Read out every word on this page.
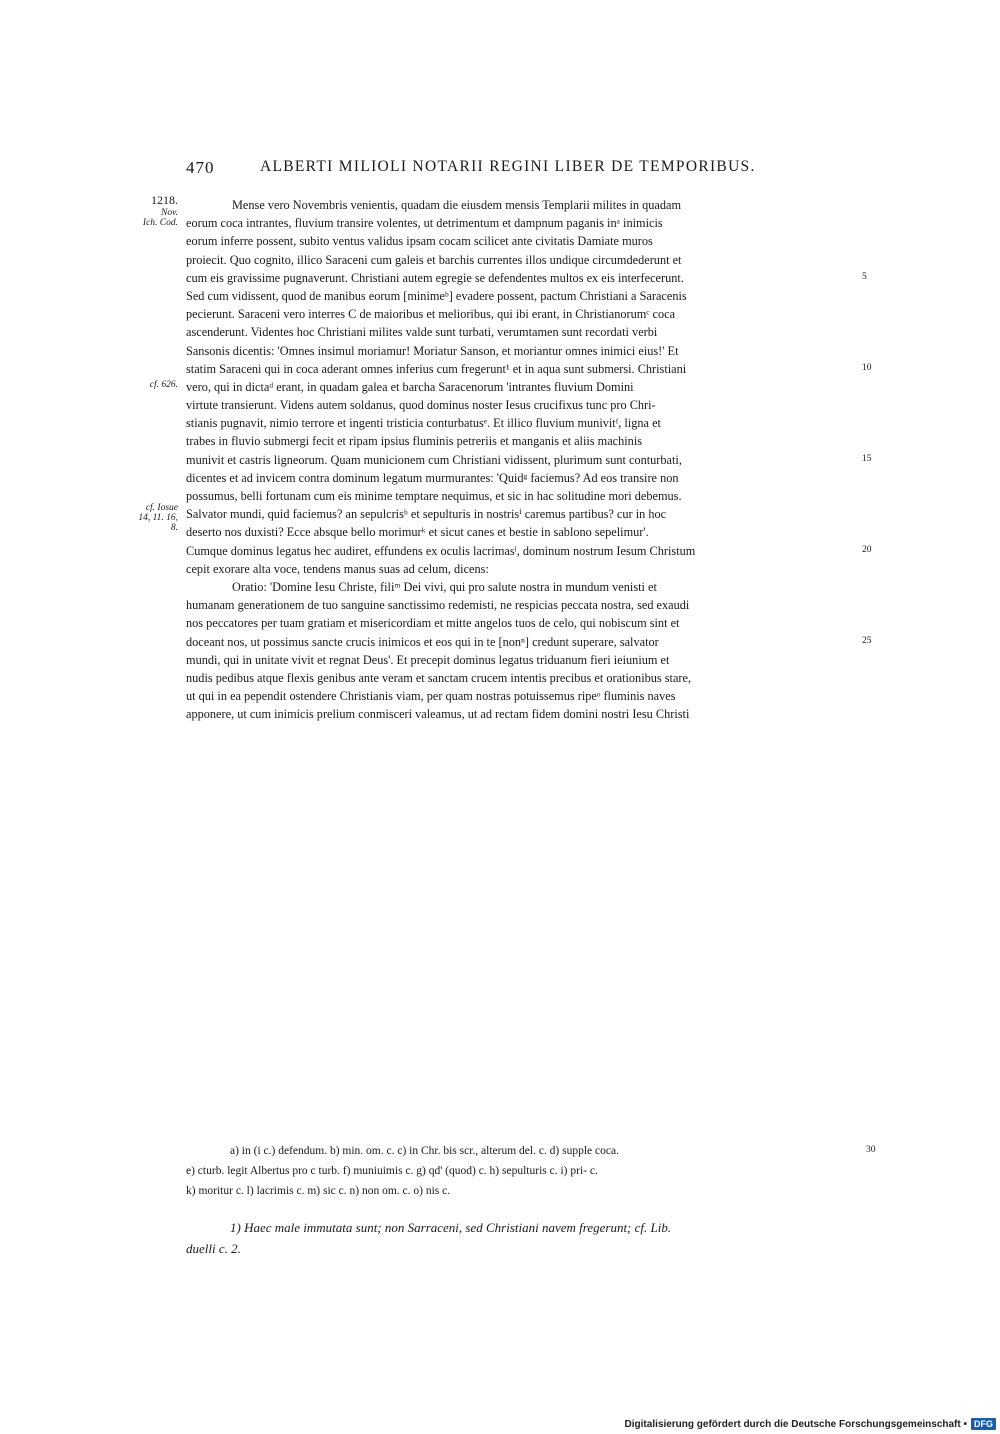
470	ALBERTI MILIOLI NOTARII REGINI LIBER DE TEMPORIBUS.
1218.
Nov.
Ich. Cod.
cf. 626.
cf. Iosue
14, 11. 16, 8.
5
10
15
20
25
Mense vero Novembris venientis, quadam die eiusdem mensis Templarii milites in quadam
eorum coca intrantes, fluvium transire volentes, ut detrimentum et dampnum paganis inᵃ inimicis
eorum inferre possent, subito ventus validus ipsam cocam scilicet ante civitatis Damiate muros
proiecit. Quo cognito, illico Saraceni cum galeis et barchis currentes illos undique circumdederunt et
cum eis gravissime pugnaverunt. Christiani autem egregie se defendentes multos ex eis interfecerunt.
Sed cum vidissent, quod de manibus eorum [minimeᵇ] evadere possent, pactum Christiani a Saracenis
pecierunt. Saraceni vero interres C de maioribus et melioribus, qui ibi erant, in Christianorumᶜ coca
ascenderunt. Videntes hoc Christiani milites valde sunt turbati, verumtamen sunt recordati verbi
Sansonis dicentis: 'Omnes insimul moriamur! Moriatur Sanson, et moriantur omnes inimici eius!' Et
statim Saraceni qui in coca aderant omnes inferius cum fregerunt¹ et in aqua sunt submersi. Christiani
vero, qui in dictaᵈ erant, in quadam galea et barcha Saracenorum 'intrantes fluvium Domini
virtute transierunt. Videns autem soldanus, quod dominus noster Iesus crucifixus tunc pro Chri-
stianis pugnavit, nimio terrore et ingenti tristicia conturbatusᵉ. Et illico fluvium munivitᶠ, ligna et
trabes in fluvio submergi fecit et ripam ipsius fluminis petreriis et manganis et aliis machinis
munivit et castris ligneorum. Quam municionem cum Christiani vidissent, plurimum sunt conturbati,
dicentes et ad invicem contra dominum legatum murmurantes: 'Quidᵍ faciemus? Ad eos transire non
possumus, belli fortunam cum eis minime temptare nequimus, et sic in hac solitudine mori debemus.
Salvator mundi, quid faciemus? an sepulcrisʰ et sepulturis in nostrisⁱ caremus partibus? cur in hoc
deserto nos duxisti? Ecce absque bello morimurᵏ et sicut canes et bestie in sablono sepelimur'.
Cumque dominus legatus hec audiret, effundens ex oculis lacrimasˡ, dominum nostrum Iesum Christum
cepit exorare alta voce, tendens manus suas ad celum, dicens:
Oratio: 'Domine Iesu Christe, filiᵐ Dei vivi, qui pro salute nostra in mundum venisti et
humanam generationem de tuo sanguine sanctissimo redemisti, ne respicias peccata nostra, sed exaudi
nos peccatores per tuam gratiam et misericordiam et mitte angelos tuos de celo, qui nobiscum sint et
doceant nos, ut possimus sancte crucis inimicos et eos qui in te [nonⁿ] credunt superare, salvator
mundi, qui in unitate vivit et regnat Deus'. Et precepit dominus legatus triduanum fieri ieiunium et
nudis pedibus atque flexis genibus ante veram et sanctam crucem intentis precibus et orationibus stare,
ut qui in ea pependit ostendere Christianis viam, per quam nostras potuissemus ripeᵒ fluminis naves
apponere, ut cum inimicis prelium conmisceri valeamus, ut ad rectam fidem domini nostri Iesu Christi
30
a) in (i c.) defendum. b) min. om. c. c) in Chr. bis scr., alterum del. c. d) supple coca.
e) cturb. legit Albertus pro c turb. f) muniuimis c. g) qd' (quod) c. h) sepulturis c. i) pri- c.
k) moritur c. l) lacrimis c. m) sic c. n) non om. c. o) nis c.
1) Haec male immutata sunt; non Sarraceni, sed Christiani navem fregerunt; cf. Lib.
duelli c. 2.
Digitalisierung gefördert durch die Deutsche Forschungsgemeinschaft • DFG
